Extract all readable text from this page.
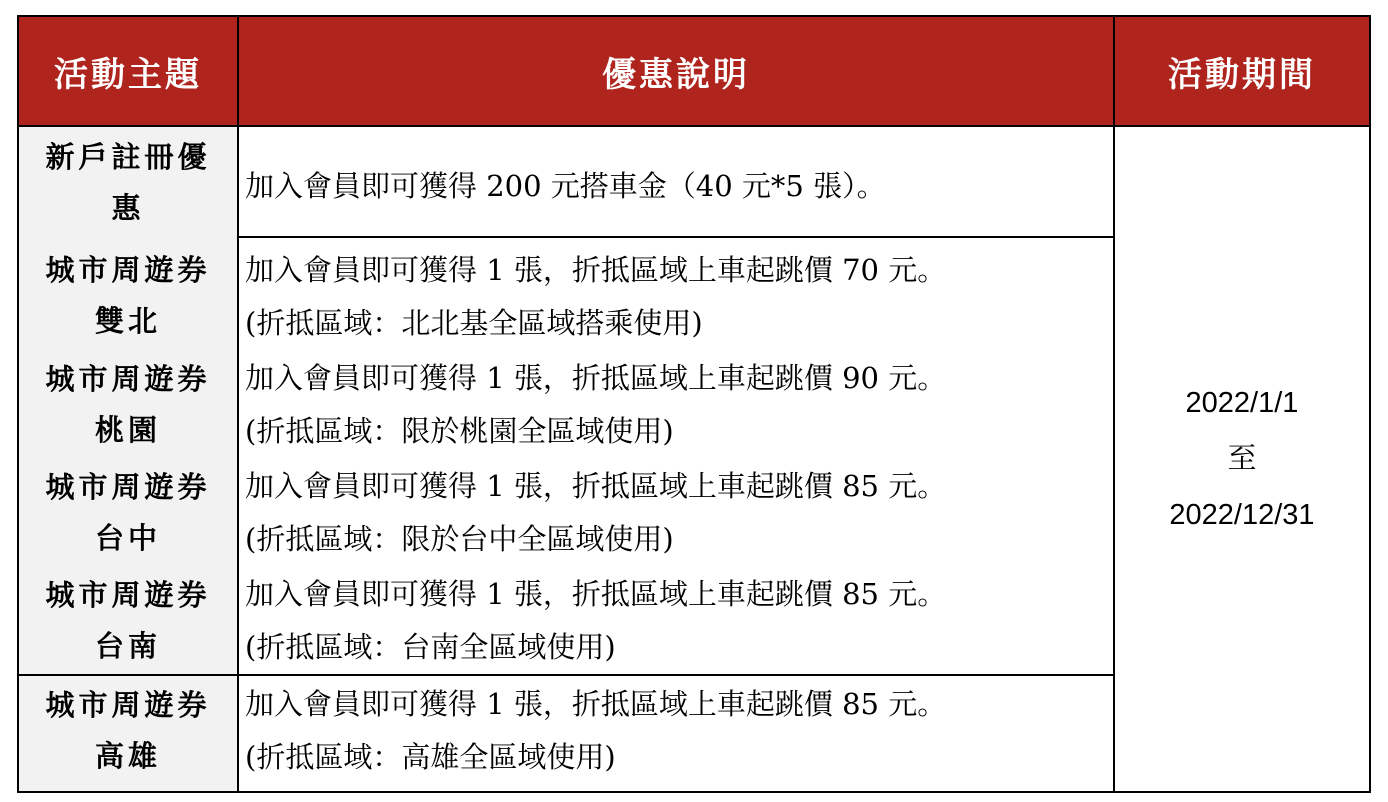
活動主題	優惠說明	活動期間
新戶註冊優
惠
加入會員即可獲得 200 元搭車金（40 元*5 張）。
城市周遊券
雙北
加入會員即可獲得 1 張，折抵區域上車起跳價 70 元。
(折抵區域：北北基全區域搭乘使用)
城市周遊券
桃園
加入會員即可獲得 1 張，折抵區域上車起跳價 90 元。
(折抵區域：限於桃園全區域使用)
城市周遊券
台中
加入會員即可獲得 1 張，折抵區域上車起跳價 85 元。
(折抵區域：限於台中全區域使用)
城市周遊券
台南
加入會員即可獲得 1 張，折抵區域上車起跳價 85 元。
(折抵區域：台南全區域使用)
城市周遊券
高雄
加入會員即可獲得 1 張，折抵區域上車起跳價 85 元。
(折抵區域：高雄全區域使用)
2022/1/1
至
2022/12/31
